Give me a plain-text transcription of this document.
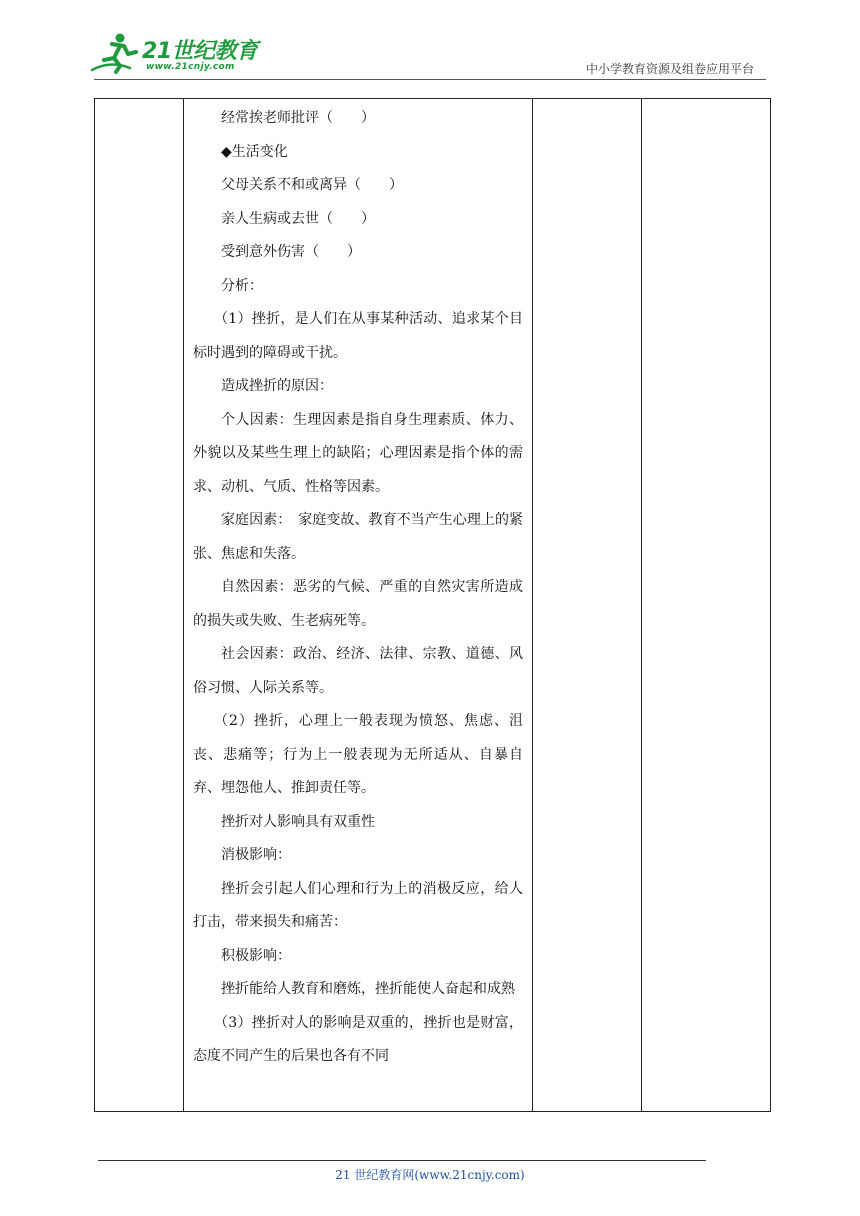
21世纪教育
www.21cnjy.com	中小学教育资源及组卷应用平台

经常挨老师批评（　　）

◆生活变化

父母关系不和或离异（　　）

亲人生病或去世（　　）

受到意外伤害（　　）

分析：

（1）挫折，是人们在从事某种活动、追求某个目标时遇到的障碍或干扰。

造成挫折的原因：

个人因素：生理因素是指自身生理素质、体力、外貌以及某些生理上的缺陷；心理因素是指个体的需求、动机、气质、性格等因素。

家庭因素：　家庭变故、教育不当产生心理上的紧张、焦虑和失落。

自然因素：恶劣的气候、严重的自然灾害所造成的损失或失败、生老病死等。

社会因素：政治、经济、法律、宗教、道德、风俗习惯、人际关系等。

（2）挫折，心理上一般表现为愤怒、焦虑、沮丧、悲痛等；行为上一般表现为无所适从、自暴自弃、埋怨他人、推卸责任等。

挫折对人影响具有双重性

消极影响：

挫折会引起人们心理和行为上的消极反应，给人打击，带来损失和痛苦：

积极影响：

挫折能给人教育和磨炼，挫折能使人奋起和成熟

（3）挫折对人的影响是双重的，挫折也是财富，态度不同产生的后果也各有不同

21 世纪教育网(www.21cnjy.com)
